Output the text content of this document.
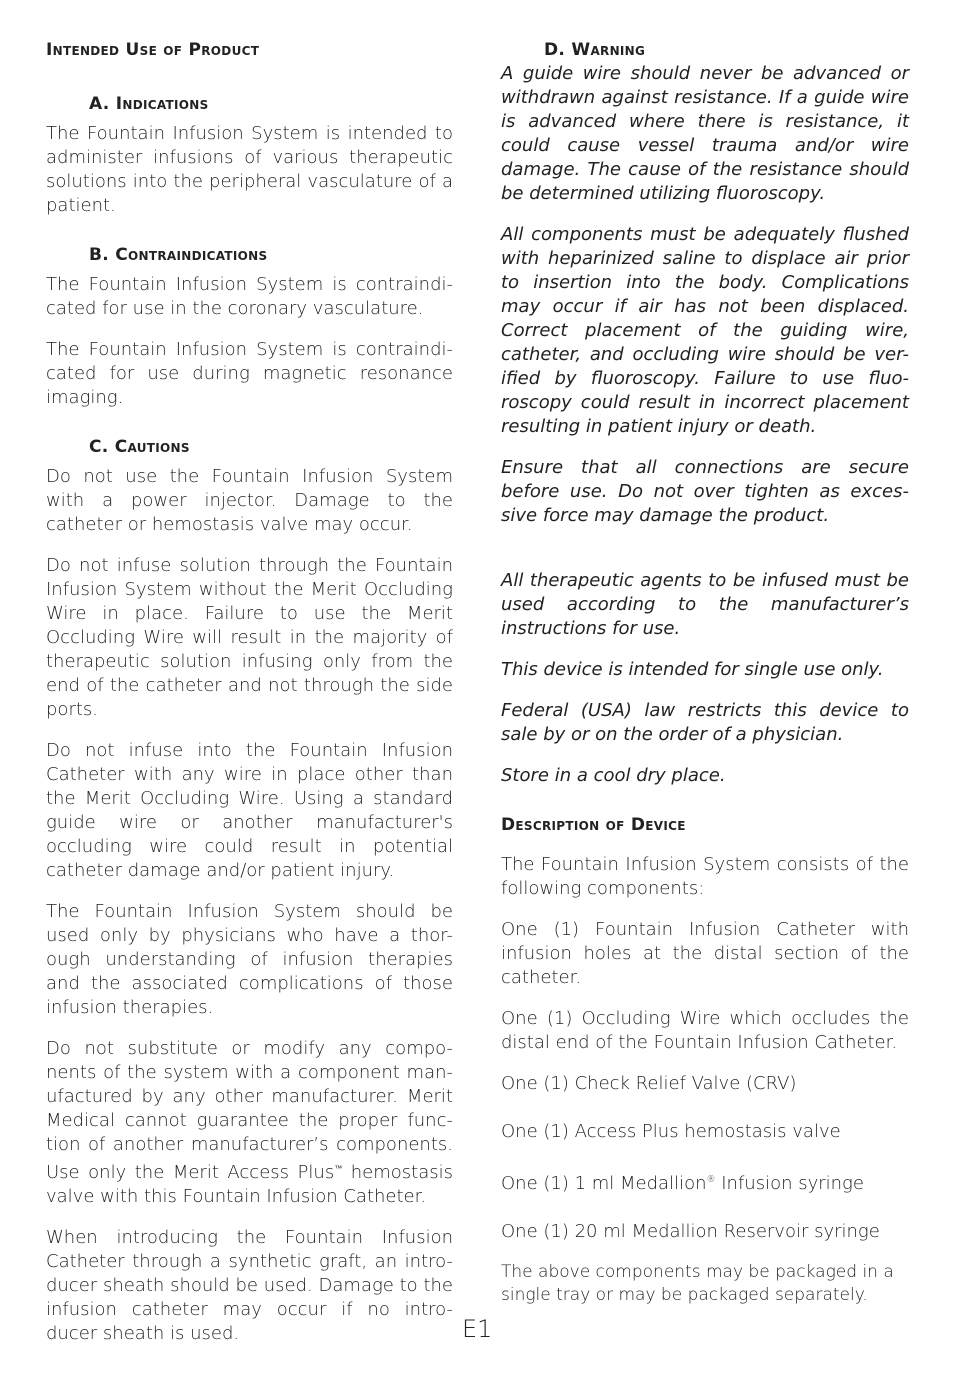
Intended Use of Product
A. Indications

The Fountain Infusion System is intended to administer infusions of various therapeutic solutions into the peripheral vasculature of a patient.

B. Contraindications

The Fountain Infusion System is contraindi- cated for use in the coronary vasculature.

The Fountain Infusion System is contraindi- cated for use during magnetic resonance imaging.

C. Cautions

Do not use the Fountain Infusion System with a power injector. Damage to the catheter or hemostasis valve may occur.

Do not infuse solution through the Fountain Infusion System without the Merit Occluding Wire in place. Failure to use the Merit Occluding Wire will result in the majority of therapeutic solution infusing only from the end of the catheter and not through the side ports.

Do not infuse into the Fountain Infusion Catheter with any wire in place other than the Merit Occluding Wire. Using a standard guide wire or another manufacturer's occluding wire could result in potential catheter damage and/or patient injury.

The Fountain Infusion System should be used only by physicians who have a thor- ough understanding of infusion therapies and the associated complications of those infusion therapies.

Do not substitute or modify any compo- nents of the system with a component man- ufactured by any other manufacturer. Merit Medical cannot guarantee the proper func- tion of another manufacturer’s components. Use only the Merit Access Plus™ hemostasis valve with this Fountain Infusion Catheter.

When introducing the Fountain Infusion Catheter through a synthetic graft, an intro- ducer sheath should be used. Damage to the infusion catheter may occur if no intro- ducer sheath is used.

D. Warning

A guide wire should never be advanced or withdrawn against resistance. If a guide wire is advanced where there is resistance, it could cause vessel trauma and/or wire damage. The cause of the resistance should be determined utilizing fluoroscopy.

All components must be adequately flushed with heparinized saline to displace air prior to insertion into the body. Complications may occur if air has not been displaced. Correct placement of the guiding wire, catheter, and occluding wire should be ver- ified by fluoroscopy. Failure to use fluo- roscopy could result in incorrect placement resulting in patient injury or death.

Ensure that all connections are secure before use. Do not over tighten as exces- sive force may damage the product.

All therapeutic agents to be infused must be used according to the manufacturer’s instructions for use.

This device is intended for single use only.

Federal (USA) law restricts this device to sale by or on the order of a physician.

Store in a cool dry place.

Description of Device

The Fountain Infusion System consists of the following components:

One (1) Fountain Infusion Catheter with infusion holes at the distal section of the catheter.

One (1) Occluding Wire which occludes the distal end of the Fountain Infusion Catheter.

One (1) Check Relief Valve (CRV)

One (1) Access Plus hemostasis valve

One (1) 1 ml Medallion® Infusion syringe

One (1) 20 ml Medallion Reservoir syringe

The above components may be packaged in a single tray or may be packaged separately.

E1
